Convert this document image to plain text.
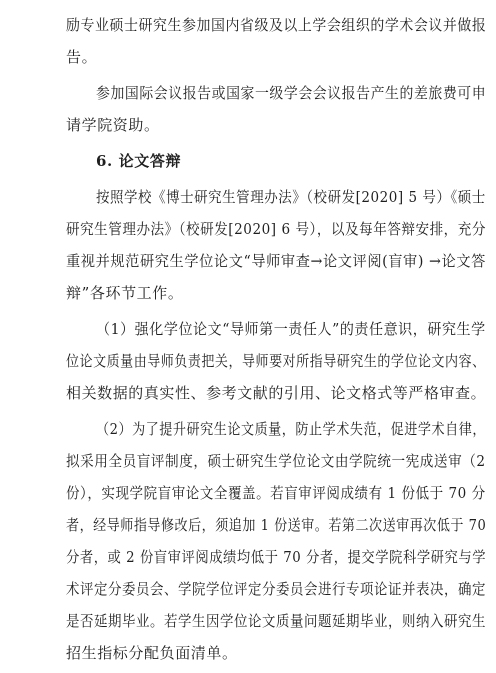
励专业硕士研究生参加国内省级及以上学会组织的学术会议并做报
告。
参加国际会议报告或国家一级学会会议报告产生的差旅费可申
请学院资助。
6. 论文答辩
按照学校《博士研究生管理办法》（校研发[2020] 5 号）《硕士
研究生管理办法》（校研发[2020] 6 号），以及每年答辩安排，充分
重视并规范研究生学位论文“导师审查→论文评阅(盲审) →论文答
辩”各环节工作。
（1）强化学位论文“导师第一责任人”的责任意识，研究生学
位论文质量由导师负责把关，导师要对所指导研究生的学位论文内容、
相关数据的真实性、参考文献的引用、论文格式等严格审查。
（2）为了提升研究生论文质量，防止学术失范，促进学术自律，
拟采用全员盲评制度，硕士研究生学位论文由学院统一宪成送审（2
份），实现学院盲审论文全覆盖。若盲审评阅成绩有 1 份低于 70 分
者，经导师指导修改后，须追加 1 份送审。若第二次送审再次低于 70
分者，或 2 份盲审评阅成绩均低于 70 分者，提交学院科学研究与学
术评定分委员会、学院学位评定分委员会进行专项论证并表决，确定
是否延期毕业。若学生因学位论文质量问题延期毕业，则纳入研究生
招生指标分配负面清单。
